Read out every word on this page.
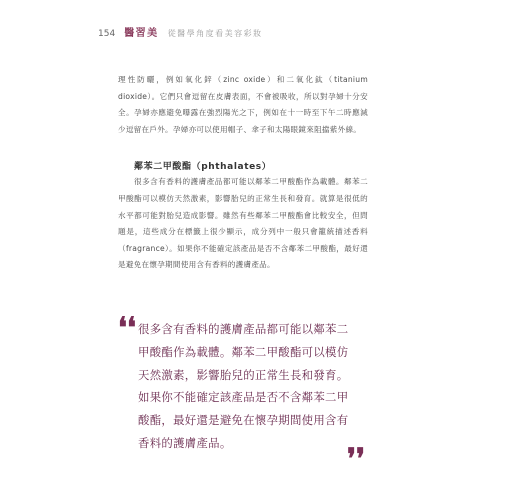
154 醫習美 從醫學角度看美容彩妝

理性防曬，例如氧化鋅（zinc oxide）和二氧化鈦（titanium dioxide）。它們只會逗留在皮膚表面，不會被吸收，所以對孕婦十分安全。孕婦亦應避免曝露在強烈陽光之下，例如在十一時至下午二時應減少逗留在戶外。孕婦亦可以使用帽子、傘子和太陽眼鏡來阻擋紫外線。

鄰苯二甲酸酯（phthalates）

很多含有香料的護膚產品都可能以鄰苯二甲酸酯作為載體。鄰苯二甲酸酯可以模仿天然激素，影響胎兒的正常生長和發育。就算是很低的水平都可能對胎兒造成影響。雖然有些鄰苯二甲酸酯會比較安全，但問題是，這些成分在標籤上很少顯示，成分列中一般只會籠統描述香料（fragrance）。如果你不能確定該產品是否不含鄰苯二甲酸酯，最好還是避免在懷孕期間使用含有香料的護膚產品。

❛❛ 很多含有香料的護膚產品都可能以鄰苯二甲酸酯作為載體。鄰苯二甲酸酯可以模仿天然激素，影響胎兒的正常生長和發育。如果你不能確定該產品是否不含鄰苯二甲酸酯，最好還是避免在懷孕期間使用含有香料的護膚產品。	❜❜
